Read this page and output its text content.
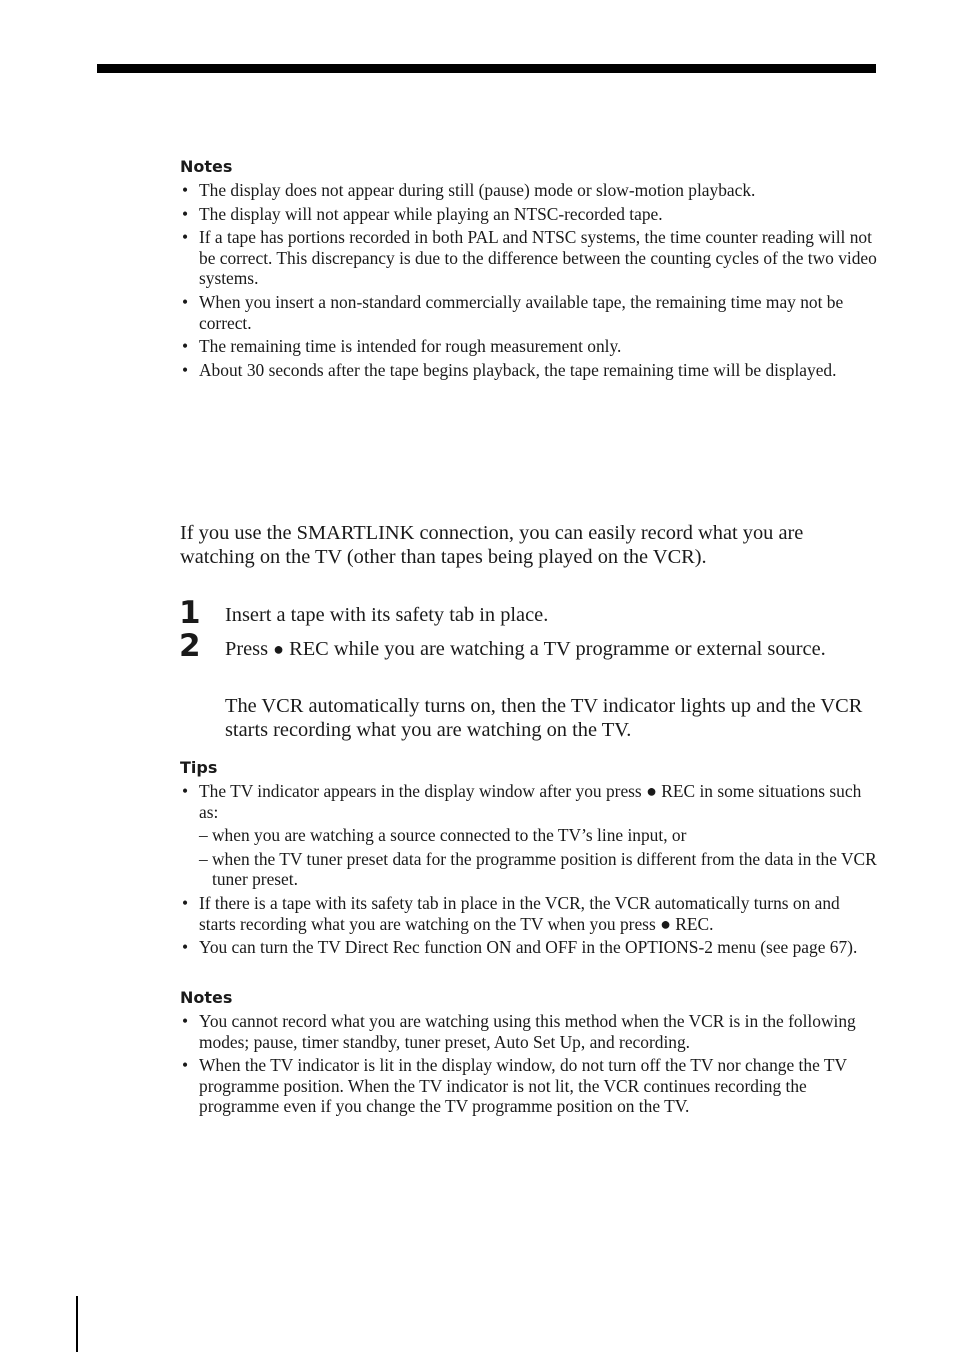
Notes
• The display does not appear during still (pause) mode or slow-motion playback.
• The display will not appear while playing an NTSC-recorded tape.
• If a tape has portions recorded in both PAL and NTSC systems, the time counter reading will not be correct. This discrepancy is due to the difference between the counting cycles of the two video systems.
• When you insert a non-standard commercially available tape, the remaining time may not be correct.
• The remaining time is intended for rough measurement only.
• About 30 seconds after the tape begins playback, the tape remaining time will be displayed.

If you use the SMARTLINK connection, you can easily record what you are watching on the TV (other than tapes being played on the VCR).

1 Insert a tape with its safety tab in place.

2 Press ● REC while you are watching a TV programme or external source.

The VCR automatically turns on, then the TV indicator lights up and the VCR starts recording what you are watching on the TV.

Tips
• The TV indicator appears in the display window after you press ● REC in some situations such as:
– when you are watching a source connected to the TV’s line input, or
– when the TV tuner preset data for the programme position is different from the data in the VCR tuner preset.
• If there is a tape with its safety tab in place in the VCR, the VCR automatically turns on and starts recording what you are watching on the TV when you press ● REC.
• You can turn the TV Direct Rec function ON and OFF in the OPTIONS-2 menu (see page 67).
Notes
• You cannot record what you are watching using this method when the VCR is in the following modes; pause, timer standby, tuner preset, Auto Set Up, and recording.
• When the TV indicator is lit in the display window, do not turn off the TV nor change the TV programme position. When the TV indicator is not lit, the VCR continues recording the programme even if you change the TV programme position on the TV.
